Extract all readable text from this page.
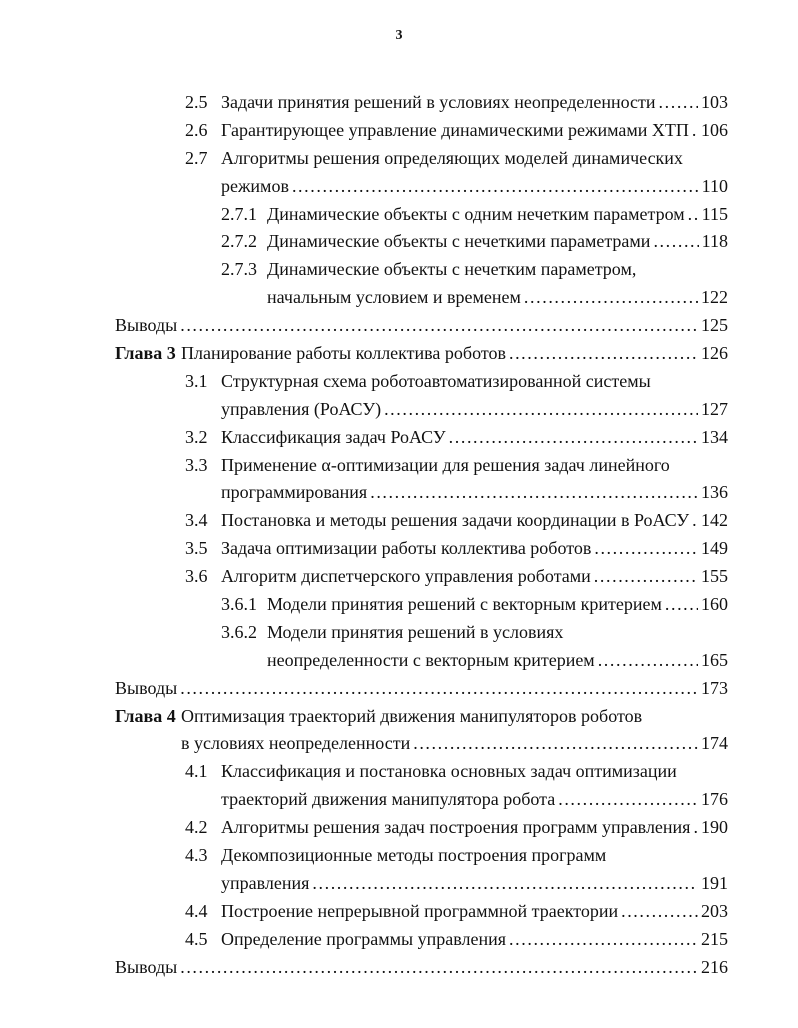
3
2.5 Задачи принятия решений в условиях неопределенности .....	103
2.6 Гарантирующее управление динамическими режимами ХТП ..... 106
2.7 Алгоритмы решения определяющих моделей динамических
режимов .....	110
2.7.1 Динамические объекты с одним нечетким параметром ..... 115
2.7.2 Динамические объекты с нечеткими параметрами .....	118
2.7.3 Динамические объекты с нечетким параметром,
начальным условием и временем .....	122
Выводы .....	125
Глава 3 Планирование работы коллектива роботов .....	126
3.1 Структурная схема роботоавтоматизированной системы
управления (РоАСУ) .....	127
3.2 Классификация задач РоАСУ .....	134
3.3 Применение α-оптимизации для решения задач линейного
программирования .....	136
3.4 Постановка и методы решения задачи координации в РоАСУ ..... 142
3.5 Задача оптимизации работы коллектива роботов .....	149
3.6 Алгоритм диспетчерского управления роботами .....	155
3.6.1 Модели принятия решений с векторным критерием ..... 160
3.6.2 Модели принятия решений в условиях
неопределенности с векторным критерием .....	165
Выводы .....	173
Глава 4 Оптимизация траекторий движения манипуляторов роботов
в условиях неопределенности .....	174
4.1 Классификация и постановка основных задач оптимизации
траекторий движения манипулятора робота .....	176
4.2 Алгоритмы решения задач построения программ управления ..... 190
4.3 Декомпозиционные методы построения программ
управления .....	191
4.4 Построение непрерывной программной траектории .....	203
4.5 Определение программы управления .....	215
Выводы .....	216
